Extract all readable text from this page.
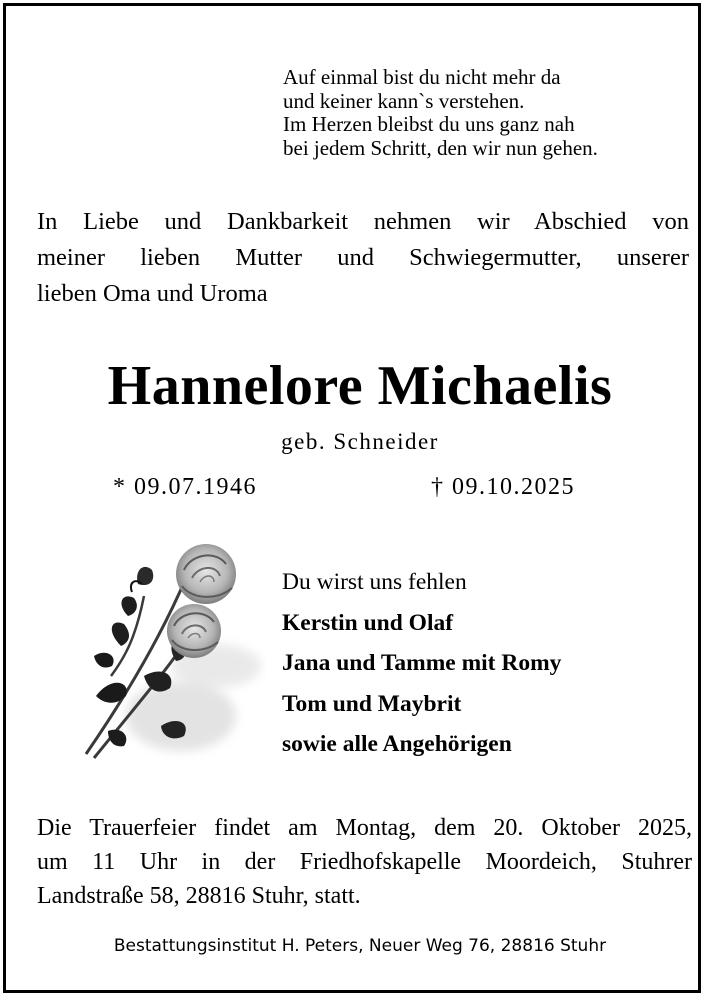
Auf einmal bist du nicht mehr da
und keiner kann`s verstehen.
Im Herzen bleibst du uns ganz nah
bei jedem Schritt, den wir nun gehen.
In Liebe und Dankbarkeit nehmen wir Abschied von
meiner lieben Mutter und Schwiegermutter, unserer
lieben Oma und Uroma
Hannelore Michaelis
geb. Schneider
* 09.07.1946	† 09.10.2025
Du wirst uns fehlen
Kerstin und Olaf
Jana und Tamme mit Romy
Tom und Maybrit
sowie alle Angehörigen
Die Trauerfeier findet am Montag, dem 20. Oktober 2025,
um 11 Uhr in der Friedhofskapelle Moordeich, Stuhrer
Landstraße 58, 28816 Stuhr, statt.
Bestattungsinstitut H. Peters, Neuer Weg 76, 28816 Stuhr
